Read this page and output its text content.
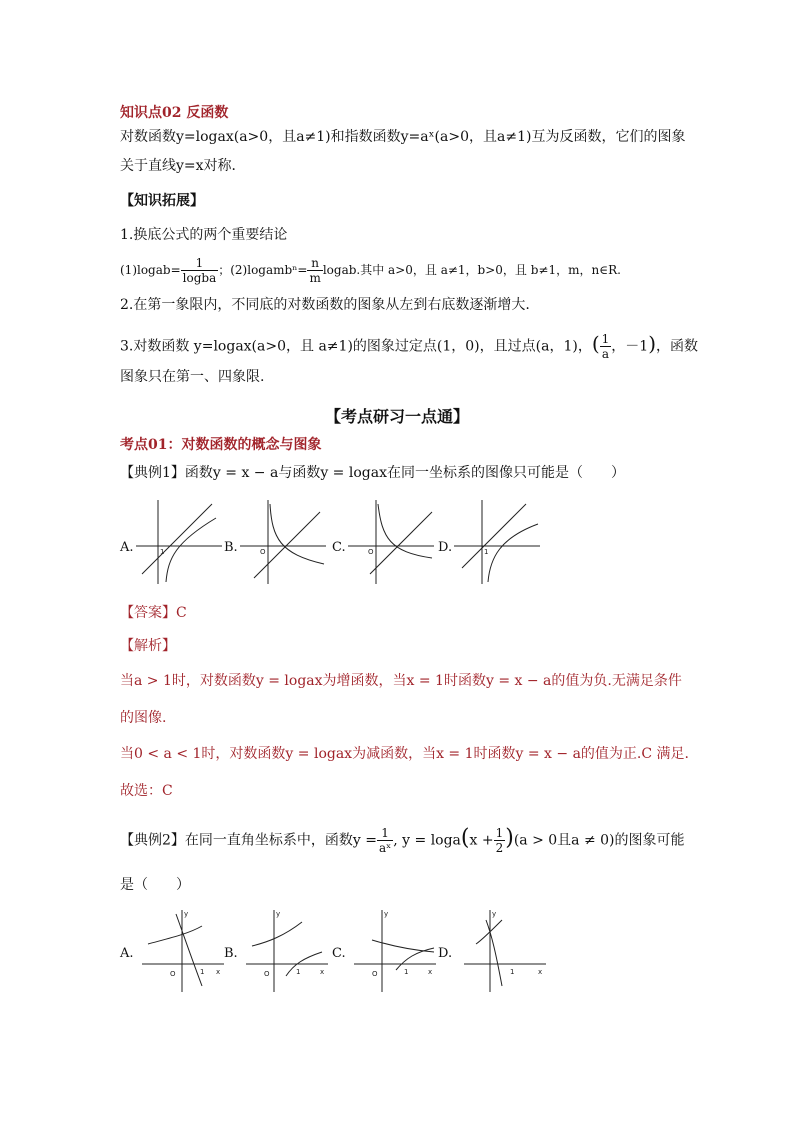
知识点02 反函数
对数函数y=logax(a>0，且a≠1)和指数函数y=aˣ(a>0，且a≠1)互为反函数，它们的图象
关于直线y=x对称．
【知识拓展】
1.换底公式的两个重要结论
(1)logab= $\frac{1}{\text{logba}}$ ；(2)logambⁿ= $\frac{n}{m}$ logab.其中 a>0，且 a≠1，b>0，且 b≠1，m，n∈R.
2.在第一象限内，不同底的对数函数的图象从左到右底数逐渐增大.
3.对数函数 y=logax(a>0，且 a≠1)的图象过定点(1，0)，且过点(a，1)，( $\frac{1}{a}$ ，－1)，函数
图象只在第一、四象限.
【考点研习一点通】
考点01：对数函数的概念与图象
【典例1】函数y = x − a与函数y = logax在同一坐标系的图像只可能是（　　）
A.	1	B.	O	C.	O	D.	1
【答案】C
【解析】
当a > 1时，对数函数y = logax为增函数，当x = 1时函数y = x − a的值为负.无满足条件
的图像.
当0 < a < 1时，对数函数y = logax为减函数，当x = 1时函数y = x − a的值为正.C 满足.
故选：C
【典例2】在同一直角坐标系中，函数$y = \frac{1}{\text{aˣ}}$ , $y = \log a(x + \frac{1}{2} )(a > 0$且a ≠ 0)的图象可能
是（　　）
A.
y
O	1 x
B.
y
O	1	x
C.
y
O	1	x
D.
y
1	x
